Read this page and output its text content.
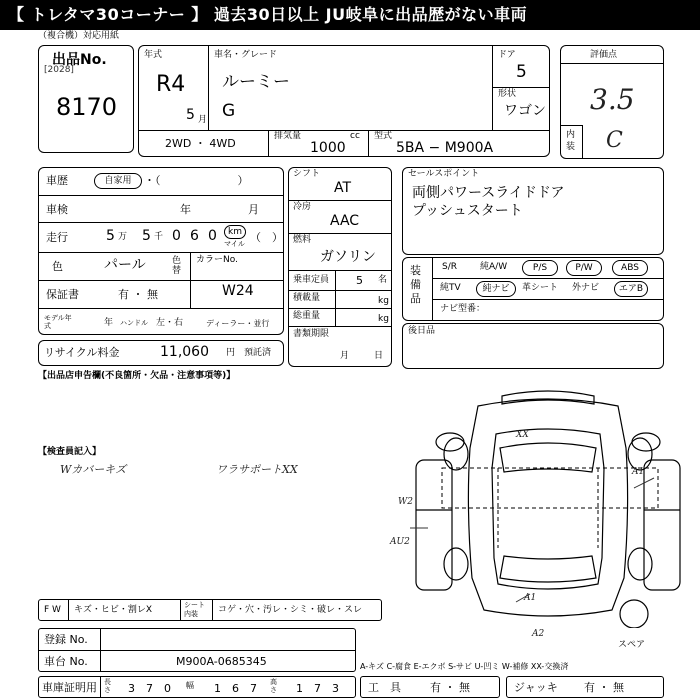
【 トレタマ30コーナー 】 過去30日以上 JU岐阜に出品歴がない車両
（複合機）対応用紙
出品No.
[2028]
8170
年式
R4
5 月
車名・グレード
ルーミー
G
ドア
5
形状
ワゴン
2WD ・ 4WD
排気量	cc
1000
型式
5BA − M900A
評価点
3.5
内装 C
車歴	自家用	・（　　　　　　　）
車検	年	月
走行	5 万 5 千 0 6 0	km
マイル （　）
色	パール	色替
カラーNo.
保証書	有 ・ 無	W24
モデル年式	年 ハンドル 左・右	ディーラー・並行
シフト
AT
冷房
AAC
燃料
ガソリン
乗車定員 5 名
積載量	kg
総重量	kg
書類期限
月	日
セールスポイント
両側パワースライドドア
プッシュスタート
装備品
S/R	純A/W	P/S	P/W	ABS
純TV	純ナビ	革シート 外ナビ	エアB
ナビ型番：
後日品
リサイクル料金	11,060 円 預託済
【出品店申告欄(不良箇所・欠品・注意事項等)】
【検査員記入】
Wカバーキズ	ワラサポートXX
XX
A1
W2
AU2
A1
A2
スペア
F W キズ・ヒビ・割レX	シート内装	コゲ・穴・汚レ・シミ・破レ・スレ
登録 No.
車台 No.	M900A-0685345	A-キズ C-腐食 E-エクボ S-サビ U-凹ミ W-補修 XX-交換済
車庫証明用 長さ 3 7 0 幅 1 6 7 高さ 1 7 3	工　具	有 ・ 無	ジャッキ 有 ・ 無
